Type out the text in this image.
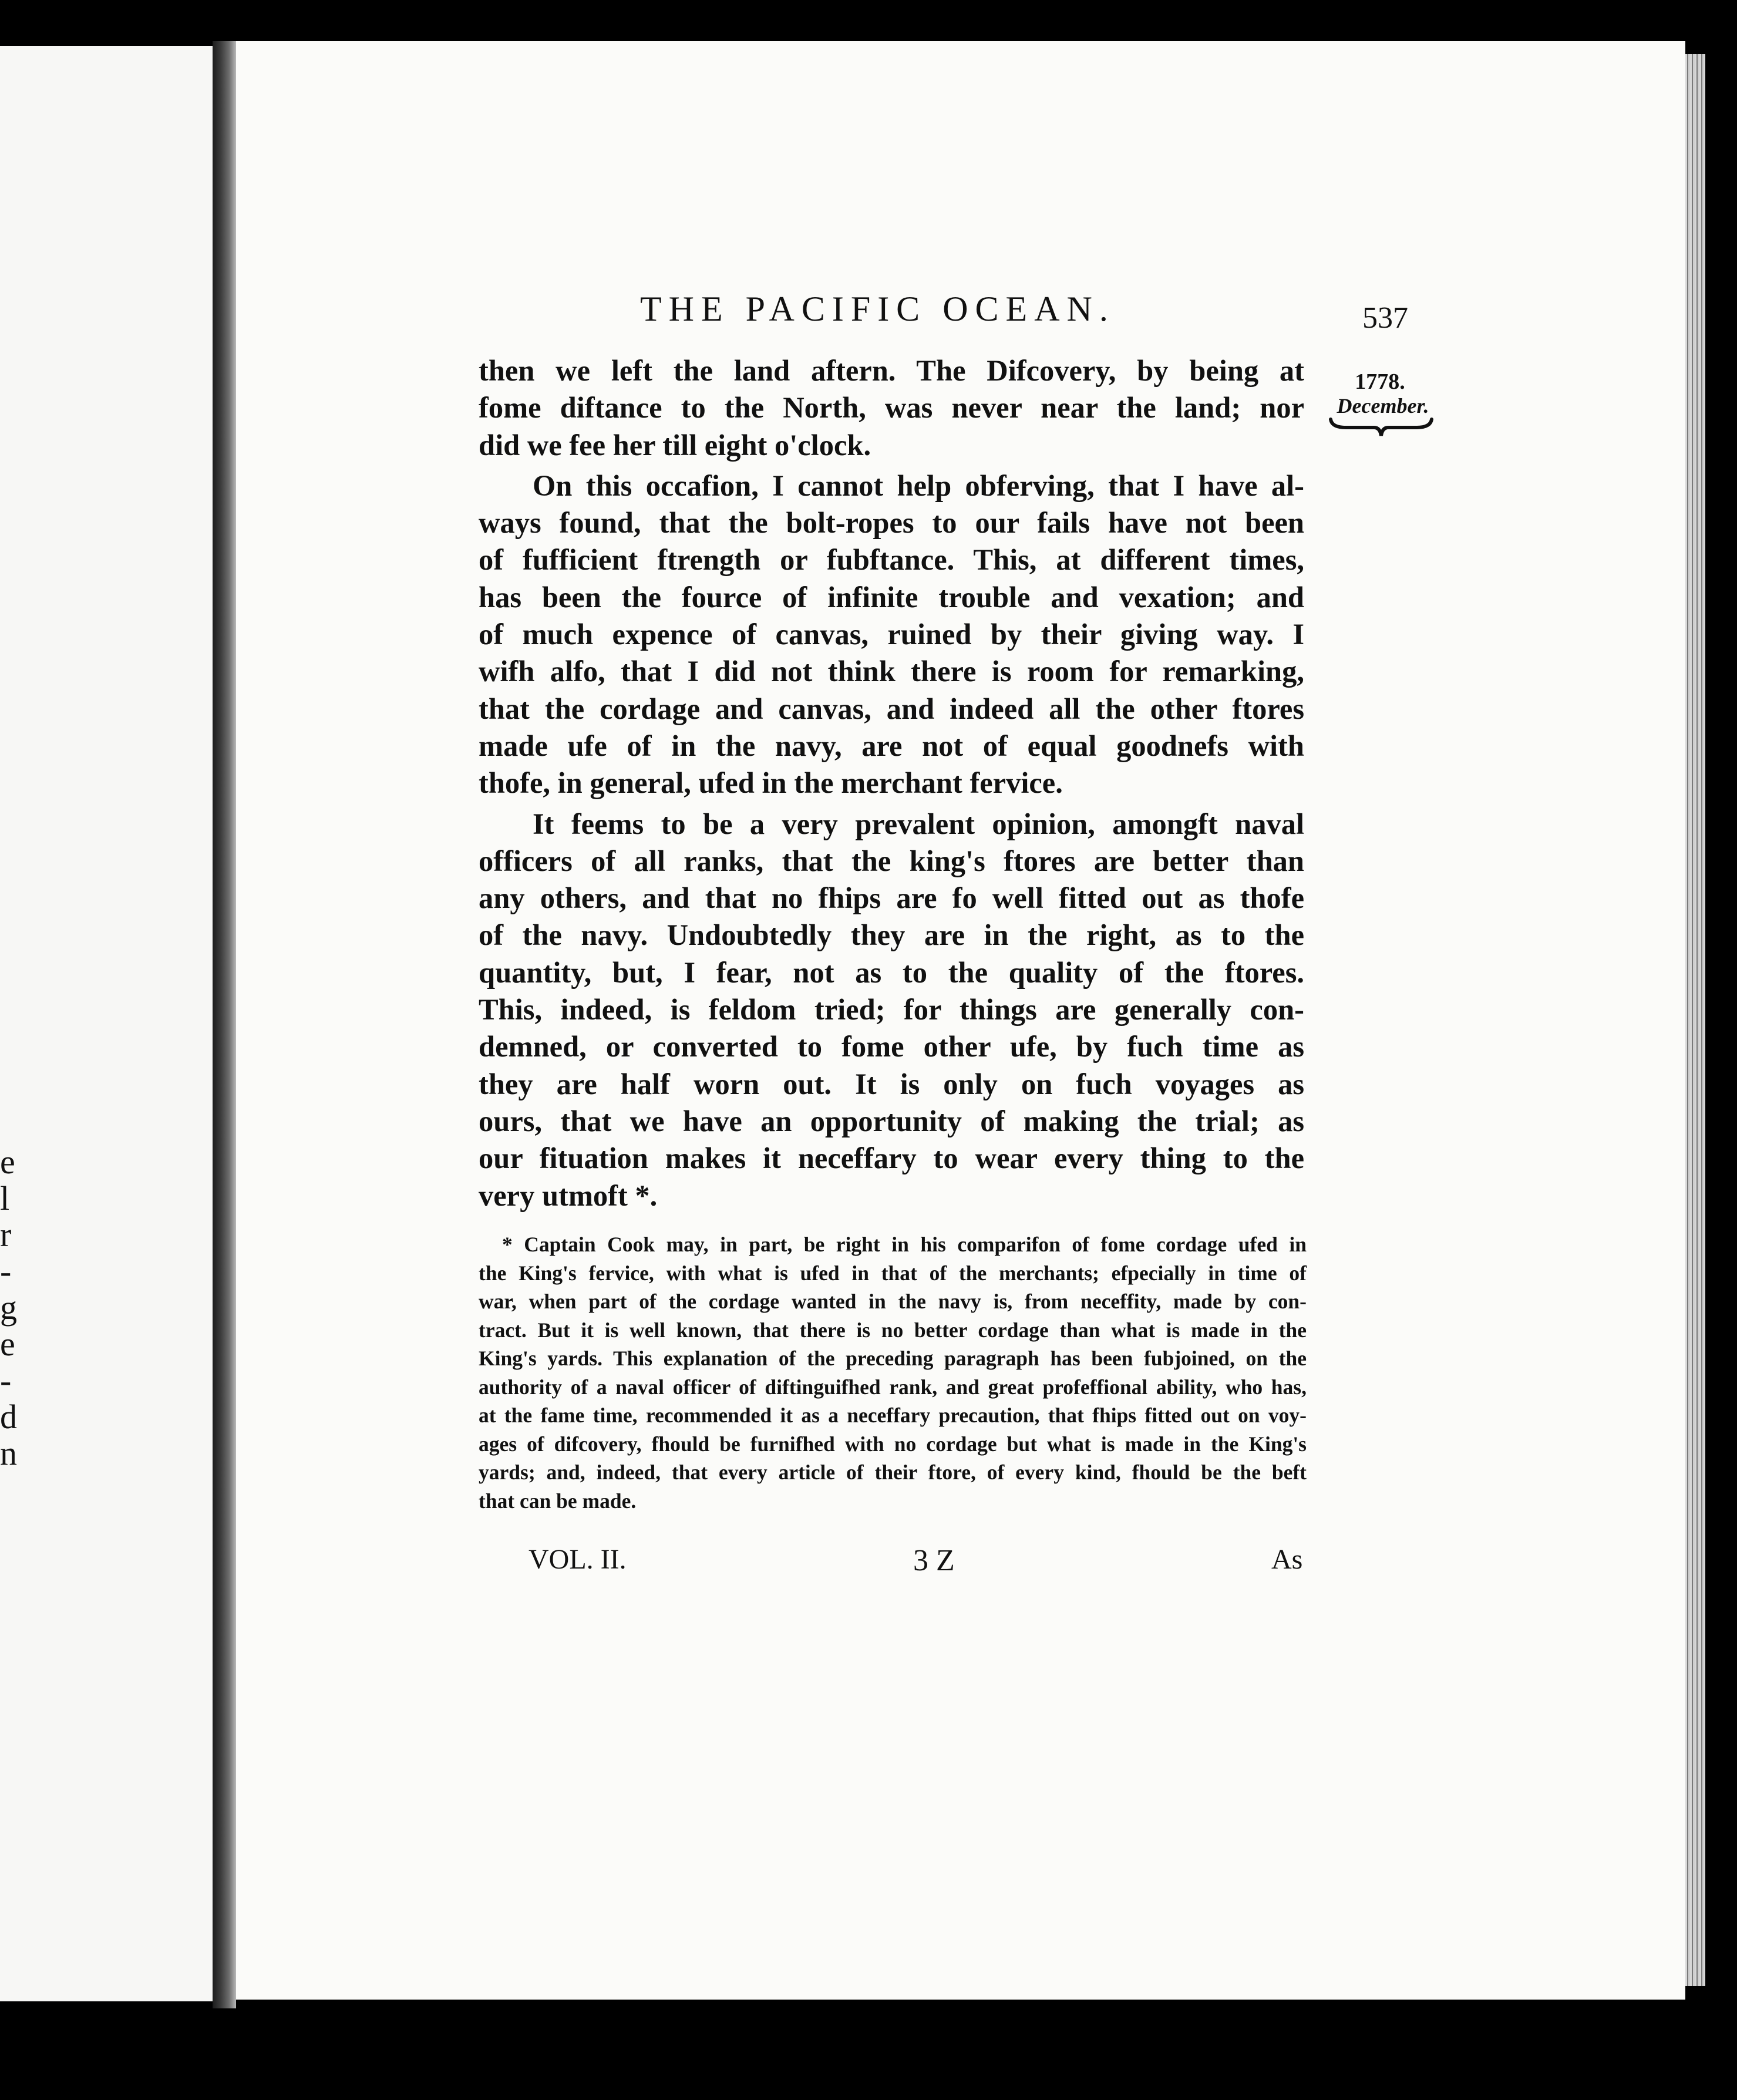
e
l
r
-
g
e
-
d
n
THE PACIFIC OCEAN.	537
1778.
December.
then we left the land aftern. The Difcovery, by being at
fome diftance to the North, was never near the land; nor
did we fee her till eight o'clock.
On this occafion, I cannot help obferving, that I have al-
ways found, that the bolt-ropes to our fails have not been
of fufficient ftrength or fubftance. This, at different times,
has been the fource of infinite trouble and vexation; and
of much expence of canvas, ruined by their giving way. I
wifh alfo, that I did not think there is room for remarking,
that the cordage and canvas, and indeed all the other ftores
made ufe of in the navy, are not of equal goodnefs with
thofe, in general, ufed in the merchant fervice.
It feems to be a very prevalent opinion, amongft naval
officers of all ranks, that the king's ftores are better than
any others, and that no fhips are fo well fitted out as thofe
of the navy. Undoubtedly they are in the right, as to the
quantity, but, I fear, not as to the quality of the ftores.
This, indeed, is feldom tried; for things are generally con-
demned, or converted to fome other ufe, by fuch time as
they are half worn out. It is only on fuch voyages as
ours, that we have an opportunity of making the trial; as
our fituation makes it neceffary to wear every thing to the
very utmoft *.
* Captain Cook may, in part, be right in his comparifon of fome cordage ufed in
the King's fervice, with what is ufed in that of the merchants; efpecially in time of
war, when part of the cordage wanted in the navy is, from neceffity, made by con-
tract. But it is well known, that there is no better cordage than what is made in the
King's yards. This explanation of the preceding paragraph has been fubjoined, on the
authority of a naval officer of diftinguifhed rank, and great profeffional ability, who has,
at the fame time, recommended it as a neceffary precaution, that fhips fitted out on voy-
ages of difcovery, fhould be furnifhed with no cordage but what is made in the King's
yards; and, indeed, that every article of their ftore, of every kind, fhould be the beft
that can be made.
VOL. II.	3 Z	As
